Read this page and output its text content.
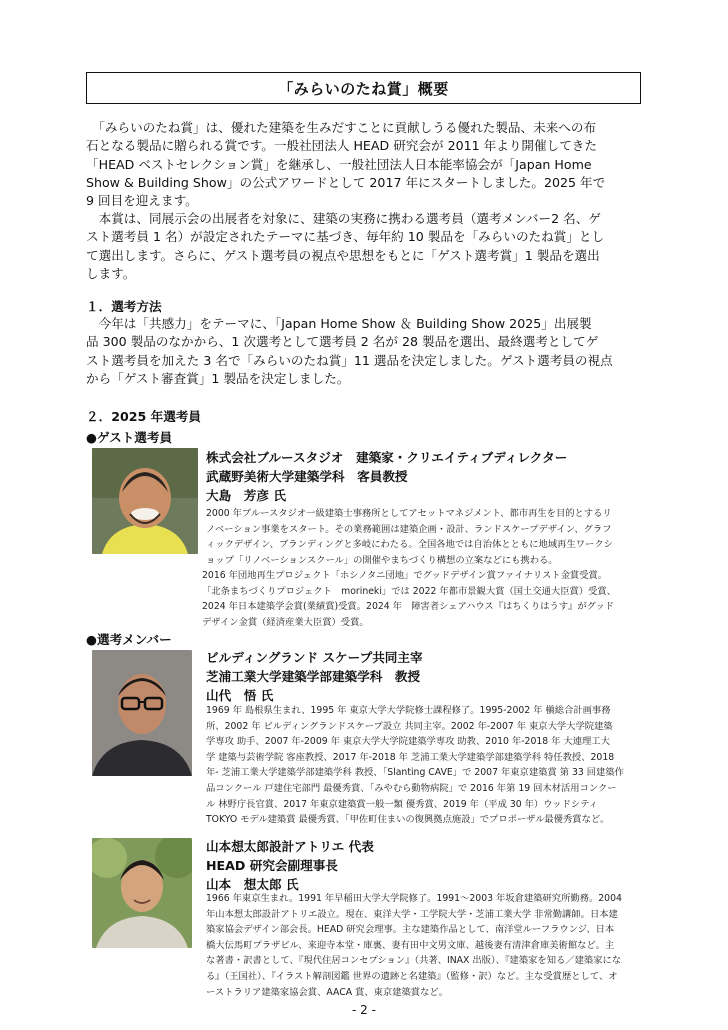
「みらいのたね賞」概要

　「みらいのたね賞」は、優れた建築を生みだすことに貢献しうる優れた製品、未来への布
石となる製品に贈られる賞です。一般社団法人 HEAD 研究会が 2011 年より開催してきた
「HEAD ベストセレクション賞」を継承し、一般社団法人日本能率協会が「Japan Home
Show & Building Show」の公式アワードとして 2017 年にスタートしました。2025 年で
9 回目を迎えます。

　本賞は、同展示会の出展者を対象に、建築の実務に携わる選考員（選考メンバー2 名、ゲ
スト選考員 1 名）が設定されたテーマに基づき、毎年約 10 製品を「みらいのたね賞」とし
て選出します。さらに、ゲスト選考員の視点や思想をもとに「ゲスト選考賞」1 製品を選出
します。

１．選考方法

　今年は「共感力」をテーマに、「Japan Home Show ＆ Building Show 2025」出展製
品 300 製品のなかから、1 次選考として選考員 2 名が 28 製品を選出、最終選考としてゲ
スト選考員を加えた 3 名で「みらいのたね賞」11 選品を決定しました。ゲスト選考員の視点
から「ゲスト審査賞」1 製品を決定しました。

２．2025 年選考員

●ゲスト選考員

株式会社ブルースタジオ　建築家・クリエイティブディレクター
武蔵野美術大学建築学科　客員教授
大島　芳彦 氏
2000 年ブルースタジオ一級建築士事務所としてアセットマネジメント、都市再生を目的とするリ
ノベーション事業をスタート。その業務範囲は建築企画・設計、ランドスケープデザイン、グラフ
ィックデザイン、ブランディングと多岐にわたる。全国各地では自治体とともに地域再生ワークシ
ョップ「リノベーションスクール」の開催やまちづくり構想の立案などにも携わる。
2016 年団地再生プロジェクト「ホシノタニ団地」でグッドデザイン賞ファイナリスト金賞受賞。
「北条まちづくりプロジェクト　morineki」では 2022 年都市景観大賞（国土交通大臣賞）受賞、
2024 年日本建築学会賞(業績賞)受賞。2024 年　障害者シェアハウス『はちくりはうす』がグッド
デザイン金賞（経済産業大臣賞）受賞。

●選考メンバー

ビルディングランド スケープ共同主宰
芝浦工業大学建築学部建築学科　教授
山代　悟 氏
1969 年 島根県生まれ、1995 年 東京大学大学院修士課程修了。1995-2002 年 槇総合計画事務
所、2002 年 ビルディングランドスケープ設立 共同主宰。2002 年-2007 年 東京大学大学院建築
学専攻 助手、2007 年-2009 年 東京大学大学院建築学専攻 助教、2010 年-2018 年 大連理工大
学 建築与芸術学院 客座教授、2017 年-2018 年 芝浦工業大学建築学部建築学科 特任教授、2018
年- 芝浦工業大学建築学部建築学科 教授、「Slanting CAVE」で 2007 年東京建築賞 第 33 回建築作
品コンクール 戸建住宅部門 最優秀賞、「みやむら動物病院」で 2016 年第 19 回木材活用コンクー
ル 林野庁長官賞、2017 年東京建築賞一般一類 優秀賞、2019 年（平成 30 年）ウッドシティ
TOKYO モデル建築賞 最優秀賞、「甲佐町住まいの復興拠点施設」でプロポーザル最優秀賞など。
山本想太郎設計アトリエ 代表
HEAD 研究会副理事長
山本　想太郎 氏
1966 年東京生まれ。1991 年早稲田大学大学院修了。1991～2003 年坂倉建築研究所勤務。2004
年山本想太郎設計アトリエ設立。現在、東洋大学・工学院大学・芝浦工業大学 非常勤講師。日本建
築家協会デザイン部会長。HEAD 研究会理事。主な建築作品として、南洋堂ルーフラウンジ、日本
橋大伝馬町プラザビル、来迎寺本堂・庫裏、妻有田中文男文庫、越後妻有清津倉庫美術館など。主
な著書・訳書として、『現代住居コンセプション』（共著、INAX 出版）、『建築家を知る／建築家にな
る』（王国社）、『イラスト解剖図鑑 世界の遺跡と名建築』（監修・訳）など。主な受賞歴として、オ
ーストラリア建築家協会賞、AACA 賞、東京建築賞など。
- 2 -
